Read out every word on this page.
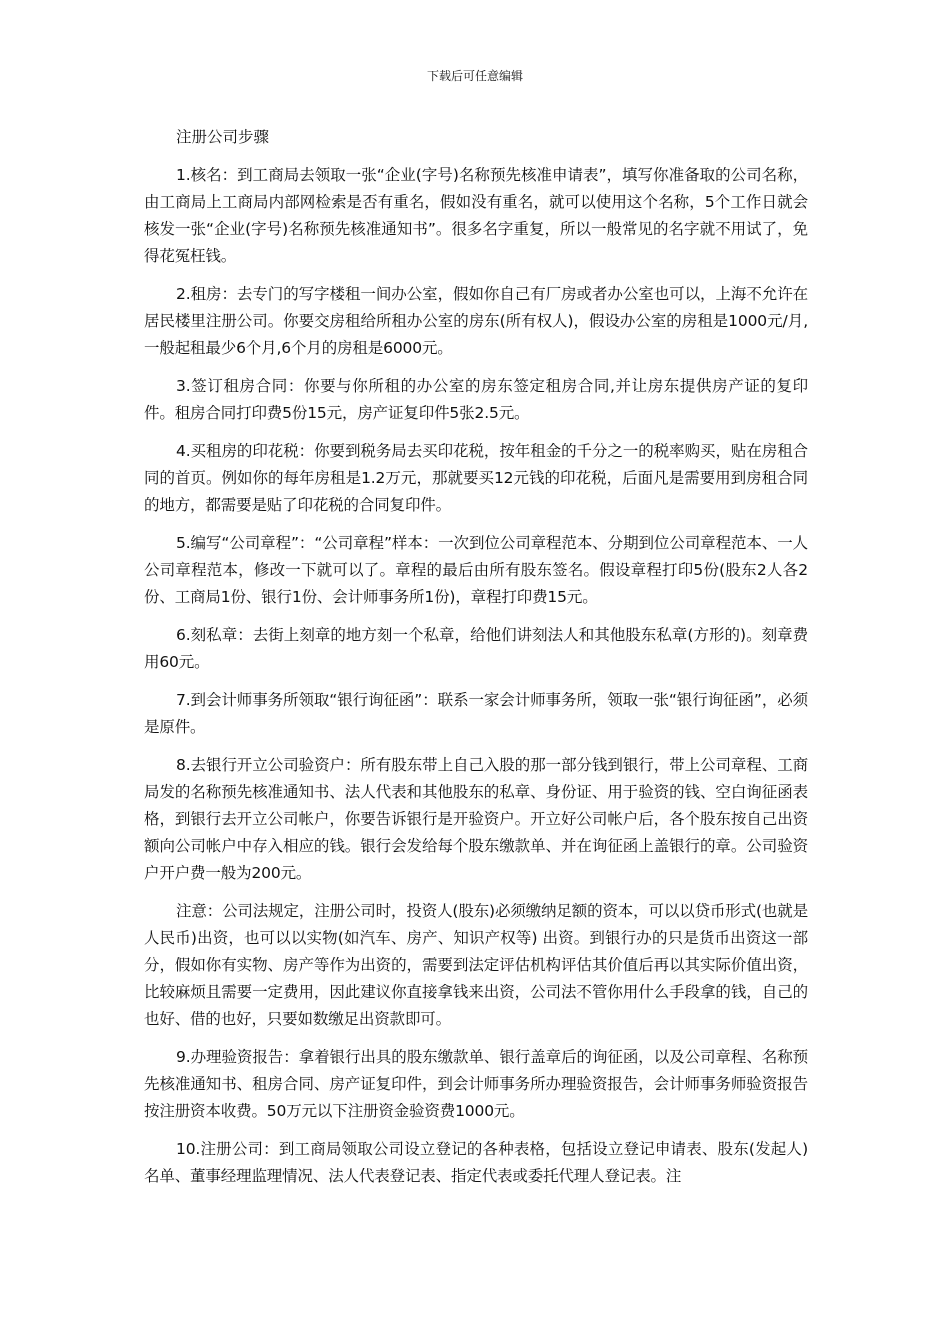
下载后可任意编辑

注册公司步骤

1.核名：到工商局去领取一张“企业(字号)名称预先核准申请表”，填写你准备取的公司名称，由工商局上工商局内部网检索是否有重名，假如没有重名，就可以使用这个名称，5个工作日就会核发一张“企业(字号)名称预先核准通知书”。很多名字重复，所以一般常见的名字就不用试了，免得花冤枉钱。

2.租房：去专门的写字楼租一间办公室，假如你自己有厂房或者办公室也可以，上海不允许在居民楼里注册公司。你要交房租给所租办公室的房东(所有权人)，假设办公室的房租是1000元/月,一般起租最少6个月,6个月的房租是6000元。

3.签订租房合同：你要与你所租的办公室的房东签定租房合同,并让房东提供房产证的复印件。租房合同打印费5份15元，房产证复印件5张2.5元。

4.买租房的印花税：你要到税务局去买印花税，按年租金的千分之一的税率购买，贴在房租合同的首页。例如你的每年房租是1.2万元，那就要买12元钱的印花税，后面凡是需要用到房租合同的地方，都需要是贴了印花税的合同复印件。

5.编写“公司章程”：“公司章程”样本：一次到位公司章程范本、分期到位公司章程范本、一人公司章程范本，修改一下就可以了。章程的最后由所有股东签名。假设章程打印5份(股东2人各2份、工商局1份、银行1份、会计师事务所1份)，章程打印费15元。

6.刻私章：去街上刻章的地方刻一个私章，给他们讲刻法人和其他股东私章(方形的)。刻章费用60元。

7.到会计师事务所领取“银行询征函”：联系一家会计师事务所，领取一张“银行询征函”，必须是原件。

8.去银行开立公司验资户：所有股东带上自己入股的那一部分钱到银行，带上公司章程、工商局发的名称预先核准通知书、法人代表和其他股东的私章、身份证、用于验资的钱、空白询征函表格，到银行去开立公司帐户，你要告诉银行是开验资户。开立好公司帐户后，各个股东按自己出资额向公司帐户中存入相应的钱。银行会发给每个股东缴款单、并在询征函上盖银行的章。公司验资户开户费一般为200元。

注意：公司法规定，注册公司时，投资人(股东)必须缴纳足额的资本，可以以贷币形式(也就是人民币)出资，也可以以实物(如汽车、房产、知识产权等) 出资。到银行办的只是货币出资这一部分，假如你有实物、房产等作为出资的，需要到法定评估机构评估其价值后再以其实际价值出资，比较麻烦且需要一定费用，因此建议你直接拿钱来出资，公司法不管你用什么手段拿的钱，自己的也好、借的也好，只要如数缴足出资款即可。

9.办理验资报告：拿着银行出具的股东缴款单、银行盖章后的询征函，以及公司章程、名称预先核准通知书、租房合同、房产证复印件，到会计师事务所办理验资报告，会计师事务师验资报告按注册资本收费。50万元以下注册资金验资费1000元。

10.注册公司：到工商局领取公司设立登记的各种表格，包括设立登记申请表、股东(发起人)名单、董事经理监理情况、法人代表登记表、指定代表或委托代理人登记表。注
